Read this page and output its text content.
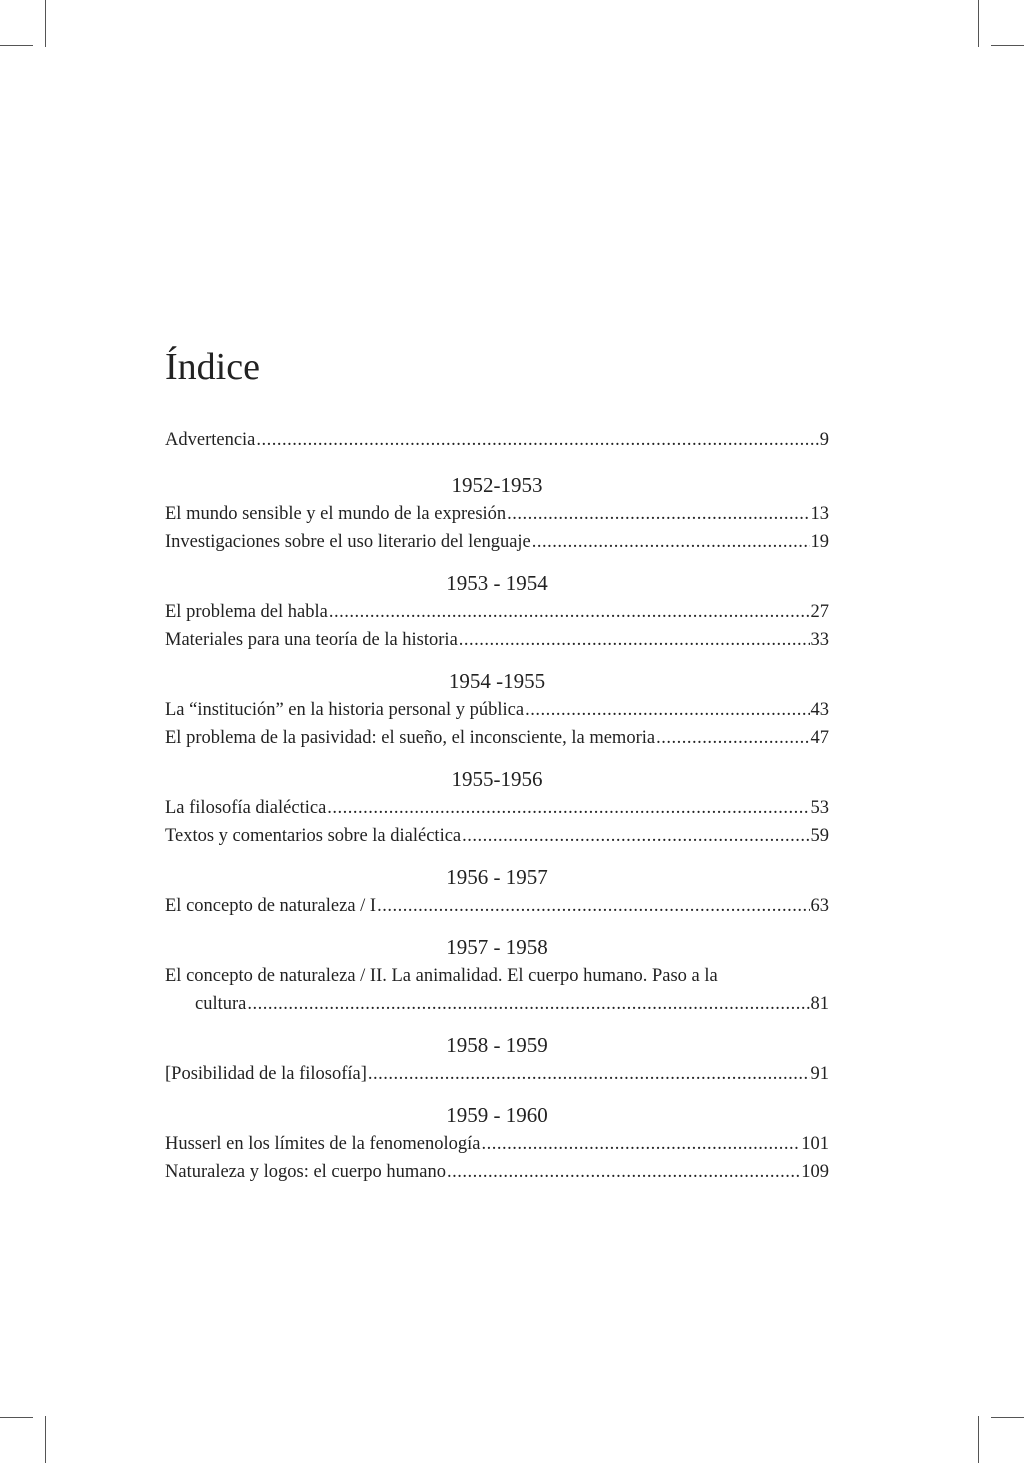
Índice
Advertencia .....	9
1952-1953
El mundo sensible y el mundo de la expresión .....	13
Investigaciones sobre el uso literario del lenguaje .....	19
1953 - 1954
El problema del habla .....	27
Materiales para una teoría de la historia .....	33
1954 -1955
La “institución” en la historia personal y pública .....	43
El problema de la pasividad: el sueño, el inconsciente, la memoria .....	47
1955-1956
La filosofía dialéctica .....	53
Textos y comentarios sobre la dialéctica .....	59
1956 - 1957
El concepto de naturaleza / I .....	63
1957 - 1958
El concepto de naturaleza / II. La animalidad. El cuerpo humano. Paso a la
cultura .....	81
1958 - 1959
[Posibilidad de la filosofía] .....	91
1959 - 1960
Husserl en los límites de la fenomenología .....	101
Naturaleza y logos: el cuerpo humano .....	109
